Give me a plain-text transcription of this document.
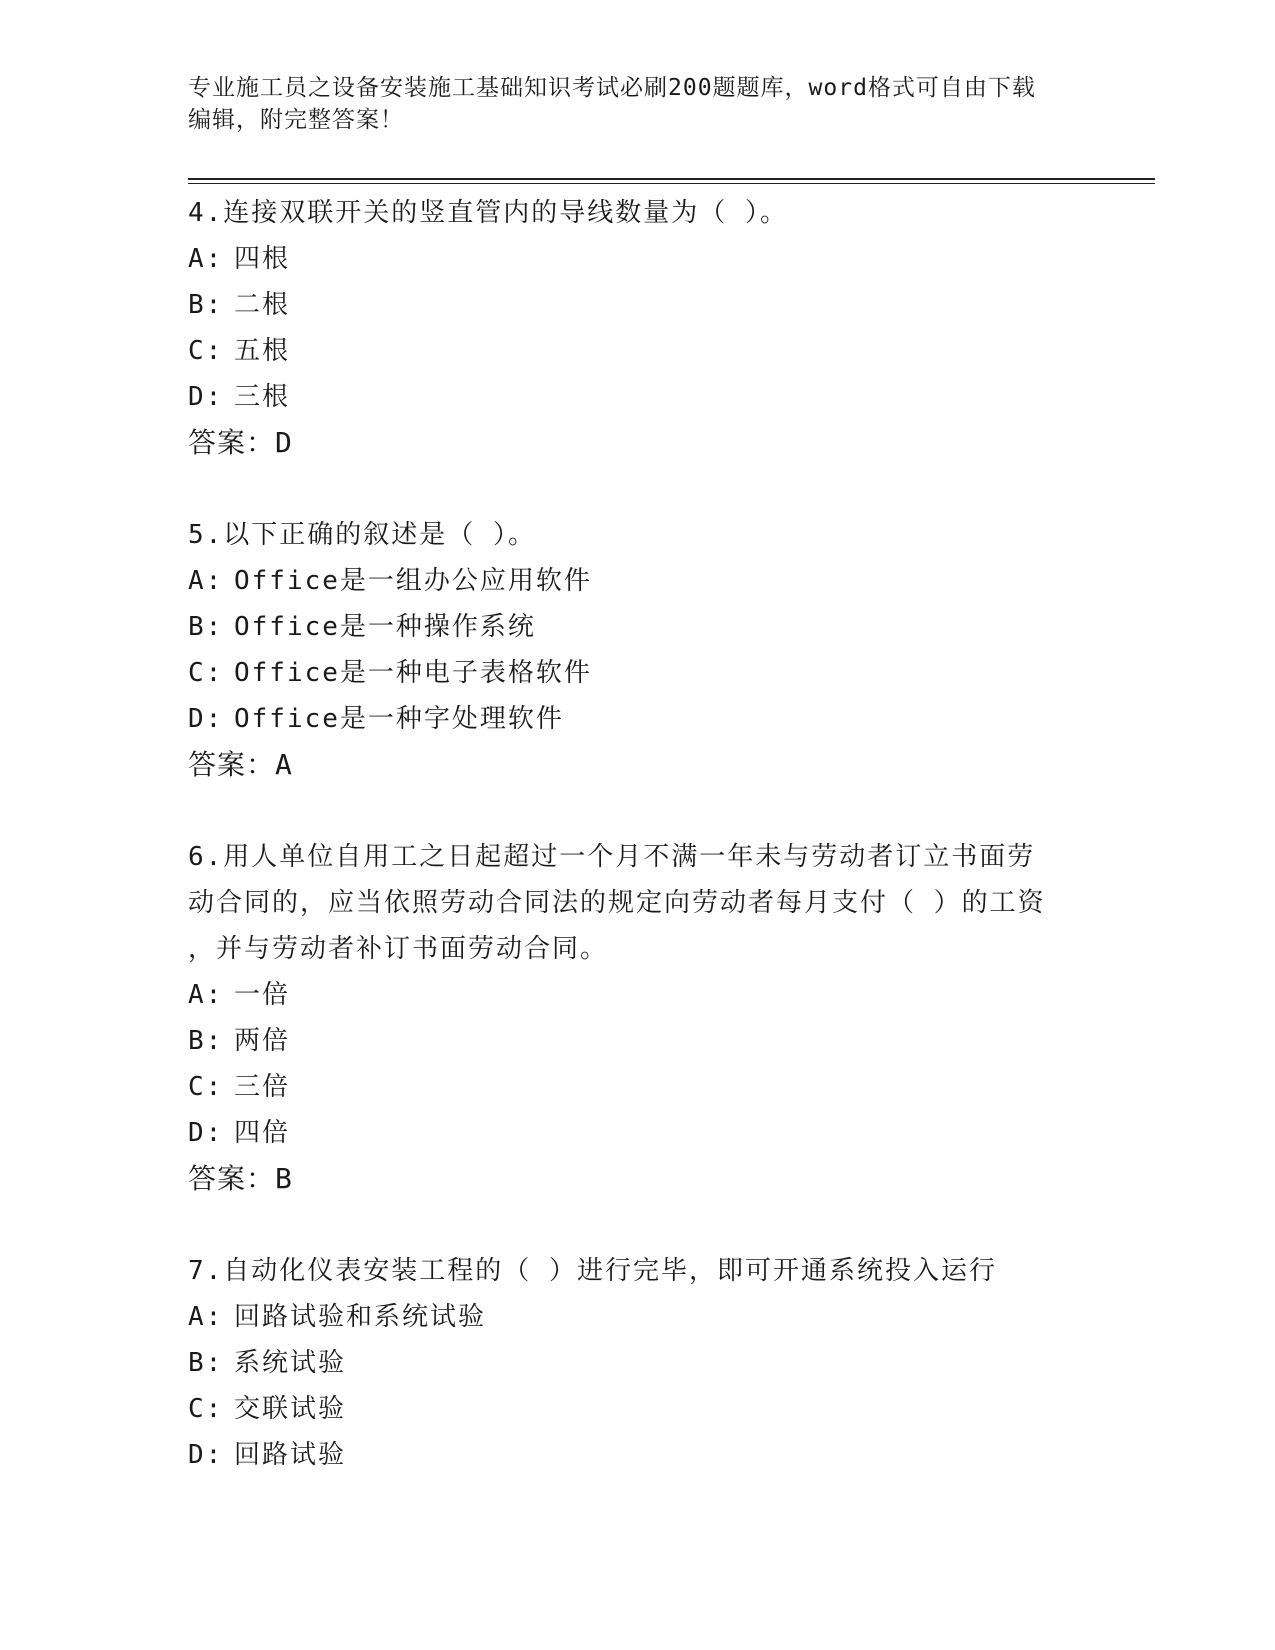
专业施工员之设备安装施工基础知识考试必刷200题题库，word格式可自由下载
编辑，附完整答案！
4.连接双联开关的竖直管内的导线数量为（ ）。
A: 四根
B: 二根
C: 五根
D: 三根
答案：D
5.以下正确的叙述是（ ）。
A: Office是一组办公应用软件
B: Office是一种操作系统
C: Office是一种电子表格软件
D: Office是一种字处理软件
答案：A
6.用人单位自用工之日起超过一个月不满一年未与劳动者订立书面劳
动合同的，应当依照劳动合同法的规定向劳动者每月支付（ ）的工资
，并与劳动者补订书面劳动合同。
A: 一倍
B: 两倍
C: 三倍
D: 四倍
答案：B
7.自动化仪表安装工程的（ ）进行完毕，即可开通系统投入运行
A: 回路试验和系统试验
B: 系统试验
C: 交联试验
D: 回路试验
